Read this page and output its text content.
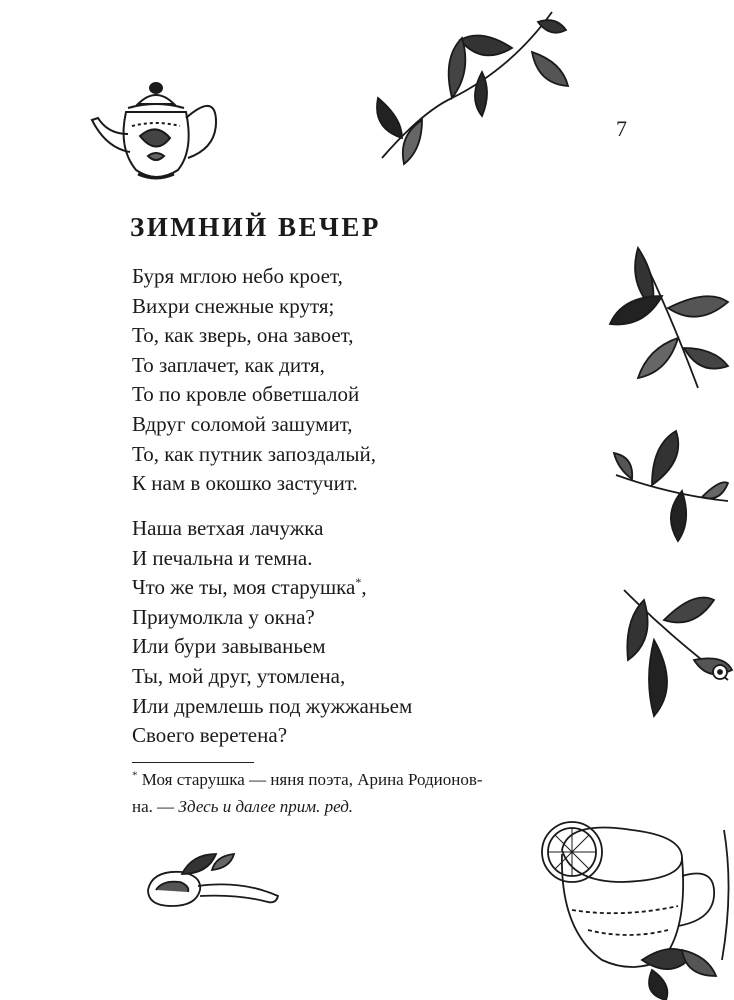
7
ЗИМНИЙ ВЕЧЕР
Буря мглою небо кроет,
Вихри снежные крутя;
То, как зверь, она завоет,
То заплачет, как дитя,
То по кровле обветшалой
Вдруг соломой зашумит,
То, как путник запоздалый,
К нам в окошко застучит.
Наша ветхая лачужка
И печальна и темна.
Что же ты, моя старушка*,
Приумолкла у окна?
Или бури завываньем
Ты, мой друг, утомлена,
Или дремлешь под жужжаньем
Своего веретена?
* Моя старушка — няня поэта, Арина Родионов-
на. — Здесь и далее прим. ред.
